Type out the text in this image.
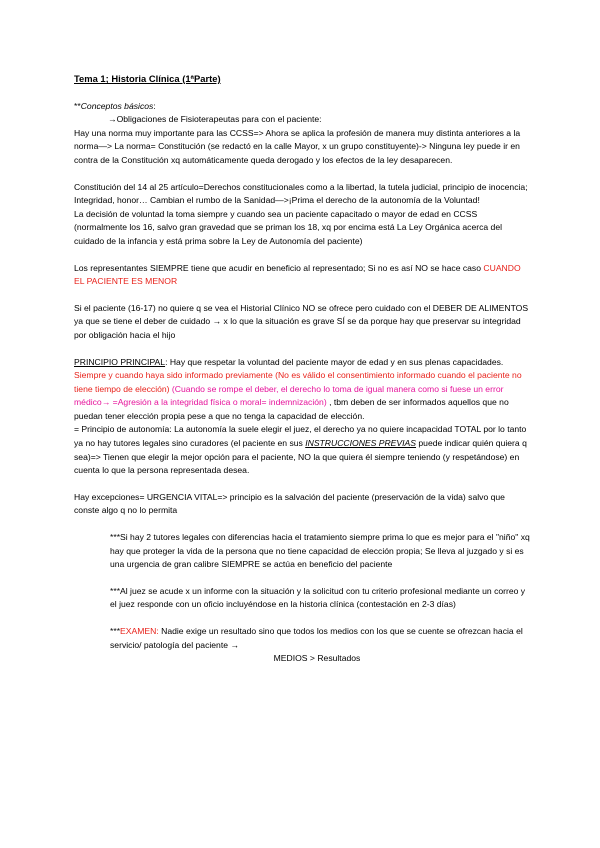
Tema 1; Historia Clínica (1ªParte)

**Conceptos básicos:

→Obligaciones de Fisioterapeutas para con el paciente:

Hay una norma muy importante para las CCSS=> Ahora se aplica la profesión de manera muy distinta anteriores a la norma—> La norma= Constitución (se redactó en la calle Mayor, x un grupo constituyente)-> Ninguna ley puede ir en contra de la Constitución xq automáticamente queda derogado y los efectos de la ley desaparecen.

Constitución del 14 al 25 artículo=Derechos constitucionales como a la libertad, la tutela judicial, principio de inocencia; Integridad, honor… Cambian el rumbo de la Sanidad—>¡Prima el derecho de la autonomía de la Voluntad!

La decisión de voluntad la toma siempre y cuando sea un paciente capacitado o mayor de edad en CCSS (normalmente los 16, salvo gran gravedad que se priman los 18, xq por encima está La Ley Orgánica acerca del cuidado de la infancia y está prima sobre la Ley de Autonomía del paciente)

Los representantes SIEMPRE tiene que acudir en beneficio al representado; Si no es así NO se hace caso CUANDO EL PACIENTE ES MENOR

Si el paciente (16-17) no quiere q se vea el Historial Clínico NO se ofrece pero cuidado con el DEBER DE ALIMENTOS ya que se tiene el deber de cuidado → x lo que la situación es grave SÍ se da porque hay que preservar su integridad por obligación hacia el hijo

PRINCIPIO PRINCIPAL: Hay que respetar la voluntad del paciente mayor de edad y en sus plenas capacidades. Siempre y cuando haya sido informado previamente (No es válido el consentimiento informado cuando el paciente no tiene tiempo de elección) (Cuando se rompe el deber, el derecho lo toma de igual manera como si fuese un error médico→ =Agresión a la integridad física o moral= indemnización) , tbm deben de ser informados aquellos que no puedan tener elección propia pese a que no tenga la capacidad de elección.

= Principio de autonomía: La autonomía la suele elegir el juez, el derecho ya no quiere incapacidad TOTAL por lo tanto ya no hay tutores legales sino curadores (el paciente en sus INSTRUCCIONES PREVIAS puede indicar quién quiera q sea)=> Tienen que elegir la mejor opción para el paciente, NO la que quiera él siempre teniendo (y respetándose) en cuenta lo que la persona representada desea.

Hay excepciones= URGENCIA VITAL=> principio es la salvación del paciente (preservación de la vida) salvo que conste algo q no lo permita

***Si hay 2 tutores legales con diferencias hacia el tratamiento siempre prima lo que es mejor para el "niño" xq hay que proteger la vida de la persona que no tiene capacidad de elección propia; Se lleva al juzgado y si es una urgencia de gran calibre SIEMPRE se actúa en beneficio del paciente

***Al juez se acude x un informe con la situación y la solicitud con tu criterio profesional mediante un correo y el juez responde con un oficio incluyéndose en la historia clínica (contestación en 2-3 días)

***EXAMEN: Nadie exige un resultado sino que todos los medios con los que se cuente se ofrezcan hacia el servicio/ patología del paciente →

MEDIOS > Resultados
